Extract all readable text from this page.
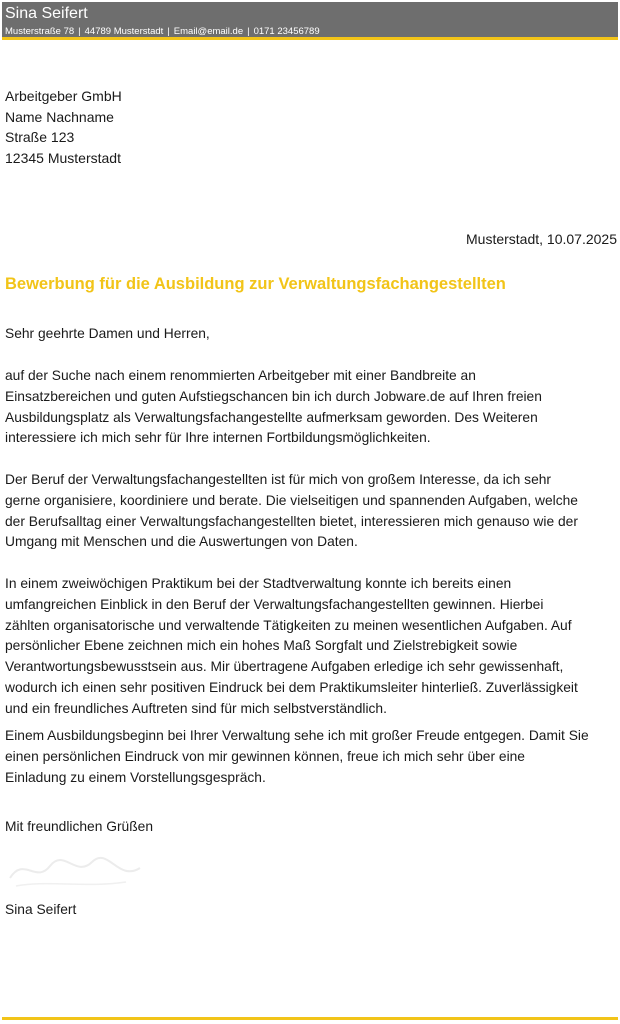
Sina Seifert
Musterstraße 78 | 44789 Musterstadt | Email@email.de | 0171 23456789
Arbeitgeber GmbH
Name Nachname
Straße 123
12345 Musterstadt
Musterstadt, 10.07.2025
Bewerbung für die Ausbildung zur Verwaltungsfachangestellten
Sehr geehrte Damen und Herren,
auf der Suche nach einem renommierten Arbeitgeber mit einer Bandbreite an
Einsatzbereichen und guten Aufstiegschancen bin ich durch Jobware.de auf Ihren freien
Ausbildungsplatz als Verwaltungsfachangestellte aufmerksam geworden. Des Weiteren
interessiere ich mich sehr für Ihre internen Fortbildungsmöglichkeiten.
Der Beruf der Verwaltungsfachangestellten ist für mich von großem Interesse, da ich sehr
gerne organisiere, koordiniere und berate. Die vielseitigen und spannenden Aufgaben, welche
der Berufsalltag einer Verwaltungsfachangestellten bietet, interessieren mich genauso wie der
Umgang mit Menschen und die Auswertungen von Daten.
In einem zweiwöchigen Praktikum bei der Stadtverwaltung konnte ich bereits einen
umfangreichen Einblick in den Beruf der Verwaltungsfachangestellten gewinnen. Hierbei
zählten organisatorische und verwaltende Tätigkeiten zu meinen wesentlichen Aufgaben. Auf
persönlicher Ebene zeichnen mich ein hohes Maß Sorgfalt und Zielstrebigkeit sowie
Verantwortungsbewusstsein aus. Mir übertragene Aufgaben erledige ich sehr gewissenhaft,
wodurch ich einen sehr positiven Eindruck bei dem Praktikumsleiter hinterließ. Zuverlässigkeit
und ein freundliches Auftreten sind für mich selbstverständlich.
Einem Ausbildungsbeginn bei Ihrer Verwaltung sehe ich mit großer Freude entgegen. Damit Sie
einen persönlichen Eindruck von mir gewinnen können, freue ich mich sehr über eine
Einladung zu einem Vorstellungsgespräch.
Mit freundlichen Grüßen
Sina Seifert
